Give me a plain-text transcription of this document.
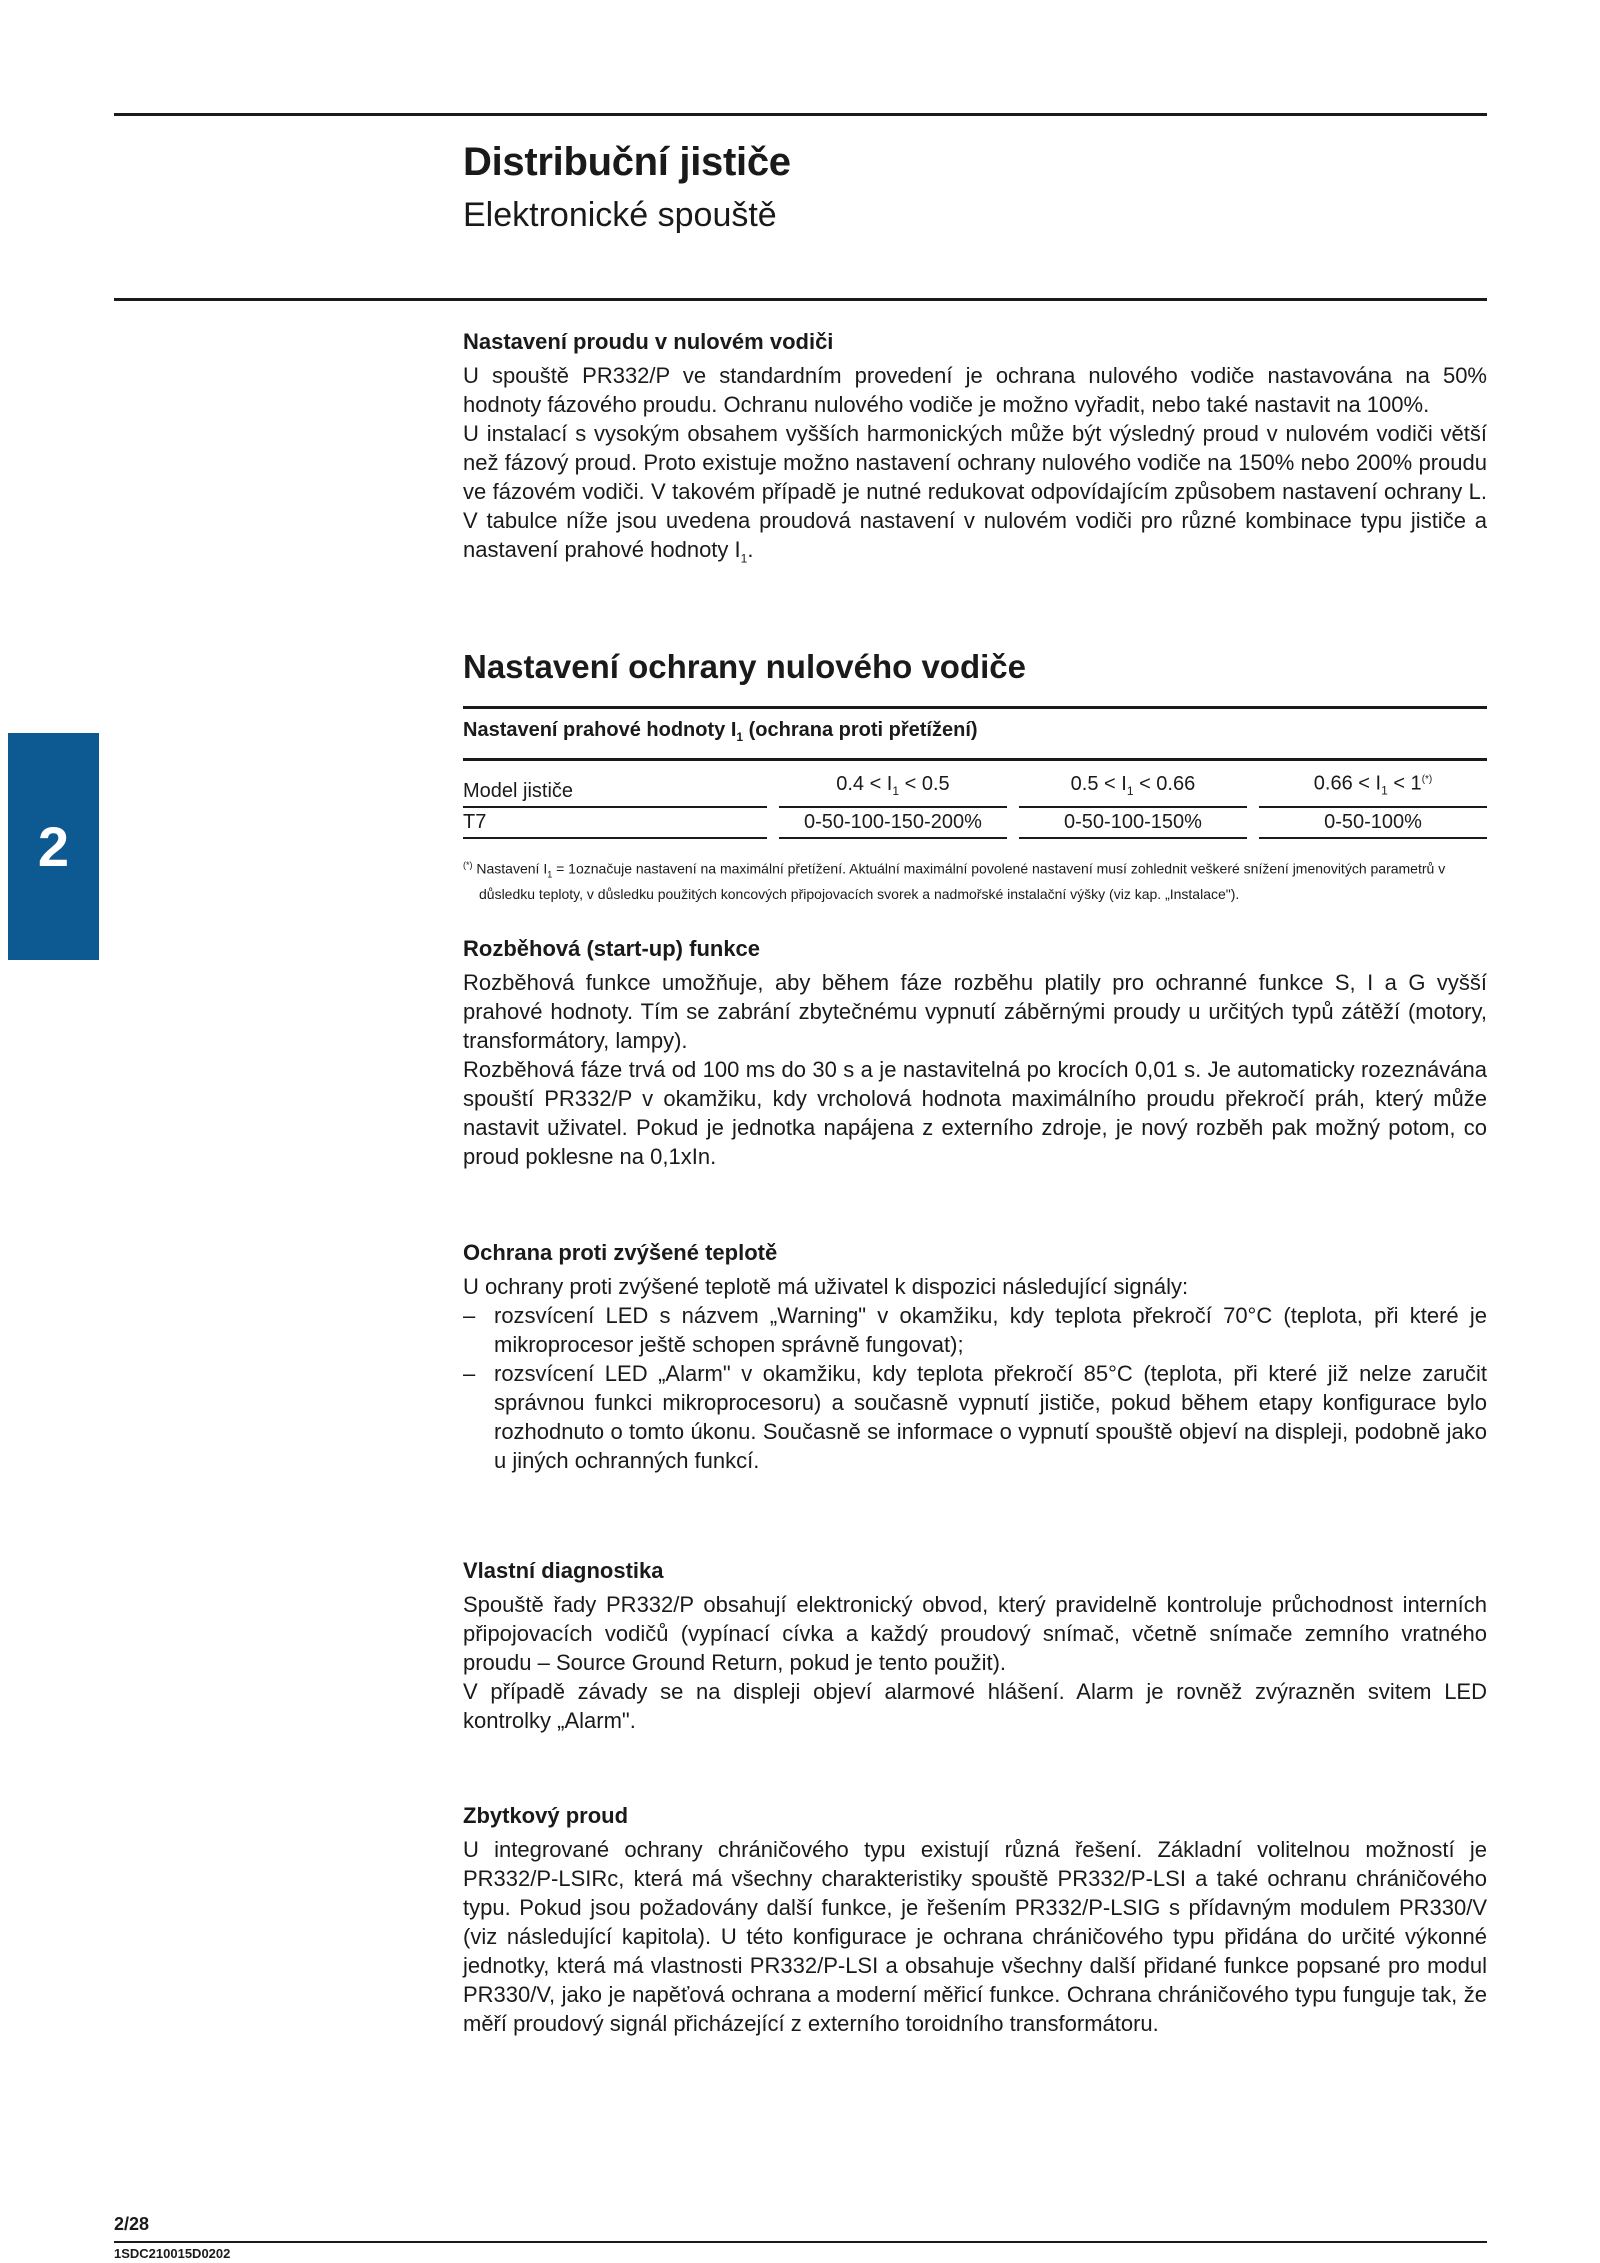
Distribuční jističe
Elektronické spouště
2

Nastavení proudu v nulovém vodiči

U spouště PR332/P ve standardním provedení je ochrana nulového vodiče nastavována na 50% hodnoty fázového proudu. Ochranu nulového vodiče je možno vyřadit, nebo také nastavit na 100%.

U instalací s vysokým obsahem vyšších harmonických může být výsledný proud v nulovém vodiči větší než fázový proud. Proto existuje možno nastavení ochrany nulového vodiče na 150% nebo 200% proudu ve fázovém vodiči. V takovém případě je nutné redukovat odpovídajícím způsobem nastavení ochrany L. V tabulce níže jsou uvedena proudová nastavení v nulovém vodiči pro různé kombinace typu jističe a nastavení prahové hodnoty $I_1$.

Nastavení ochrany nulového vodiče
Nastavení prahové hodnoty $I_1$ (ochrana proti přetížení)
Model jističe		$0.4 < I_1 < 0.5$		$0.5 < I_1 < 0.66$		$0.66 < I_1 < 1^{(*)}$
T7		0-50-100-150-200%		0-50-100-150%		0-50-100%
(*) Nastavení $I_1$ = 1označuje nastavení na maximální přetížení. Aktuální maximální povolené nastavení musí zohlednit veškeré snížení jmenovitých parametrů v důsledku teploty, v důsledku použitých koncových připojovacích svorek a nadmořské instalační výšky (viz kap. „Instalace").

Rozběhová (start-up) funkce

Rozběhová funkce umožňuje, aby během fáze rozběhu platily pro ochranné funkce S, I a G vyšší prahové hodnoty. Tím se zabrání zbytečnému vypnutí záběrnými proudy u určitých typů zátěží (motory, transformátory, lampy).

Rozběhová fáze trvá od 100 ms do 30 s a je nastavitelná po krocích 0,01 s. Je automaticky rozeznávána spouští PR332/P v okamžiku, kdy vrcholová hodnota maximálního proudu překročí práh, který může nastavit uživatel. Pokud je jednotka napájena z externího zdroje, je nový rozběh pak možný potom, co proud poklesne na 0,1xIn.

Ochrana proti zvýšené teplotě

U ochrany proti zvýšené teplotě má uživatel k dispozici následující signály:

– rozsvícení LED s názvem „Warning" v okamžiku, kdy teplota překročí 70°C (teplota, při které je mikroprocesor ještě schopen správně fungovat);
– rozsvícení LED „Alarm" v okamžiku, kdy teplota překročí 85°C (teplota, při které již nelze zaručit správnou funkci mikroprocesoru) a současně vypnutí jističe, pokud během etapy konfigurace bylo rozhodnuto o tomto úkonu. Současně se informace o vypnutí spouště objeví na displeji, podobně jako u jiných ochranných funkcí.

Vlastní diagnostika

Spouště řady PR332/P obsahují elektronický obvod, který pravidelně kontroluje průchodnost interních připojovacích vodičů (vypínací cívka a každý proudový snímač, včetně snímače zemního vratného proudu – Source Ground Return, pokud je tento použit).

V případě závady se na displeji objeví alarmové hlášení. Alarm je rovněž zvýrazněn svitem LED kontrolky „Alarm".

Zbytkový proud

U integrované ochrany chráničového typu existují různá řešení. Základní volitelnou možností je PR332/P-LSIRc, která má všechny charakteristiky spouště PR332/P-LSI a také ochranu chráničového typu. Pokud jsou požadovány další funkce, je řešením PR332/P-LSIG s přídavným modulem PR330/V (viz následující kapitola). U této konfigurace je ochrana chráničového typu přidána do určité výkonné jednotky, která má vlastnosti PR332/P-LSI a obsahuje všechny další přidané funkce popsané pro modul PR330/V, jako je napěťová ochrana a moderní měřicí funkce. Ochrana chráničového typu funguje tak, že měří proudový signál přicházející z externího toroidního transformátoru.

2/28
1SDC210015D0202
